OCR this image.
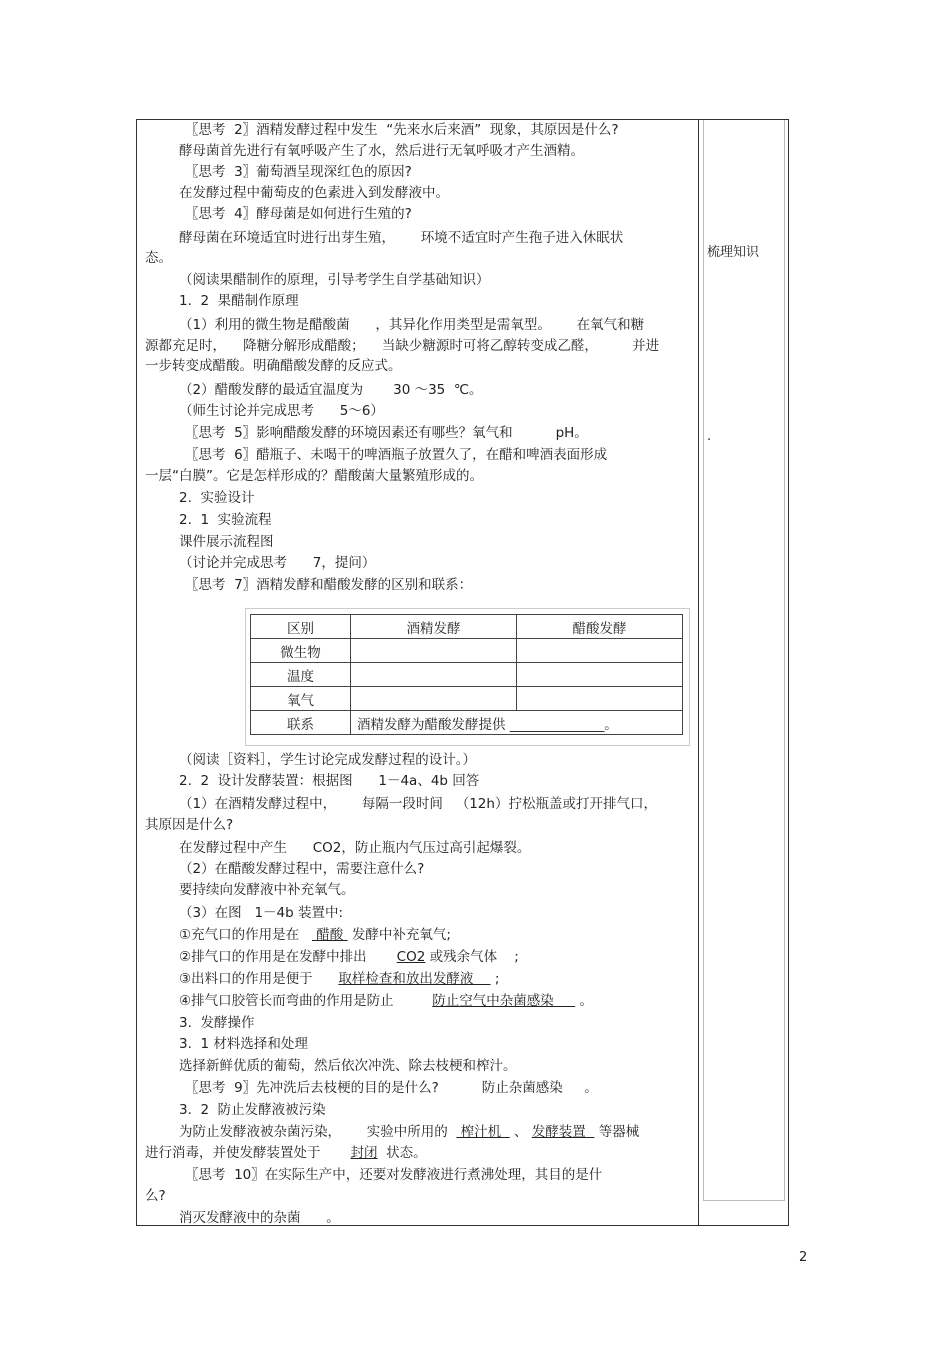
梳理知识
.
〖思考  2〗酒精发酵过程中发生  “先来水后来酒”  现象，其原因是什么?
酵母菌首先进行有氧呼吸产生了水，然后进行无氧呼吸才产生酒精。
〖思考  3〗葡萄酒呈现深红色的原因?
在发酵过程中葡萄皮的色素进入到发酵液中。
〖思考  4〗酵母菌是如何进行生殖的?
酵母菌在环境适宜时进行出芽生殖，      环境不适宜时产生孢子进入休眠状
态。
（阅读果醋制作的原理，引导考学生自学基础知识）
1.  2  果醋制作原理
（1）利用的微生物是醋酸菌      ，其异化作用类型是需氧型。      在氧气和糖
源都充足时，    降糖分解形成醋酸；    当缺少糖源时可将乙醇转变成乙醛，        并进
一步转变成醋酸。明确醋酸发酵的反应式。
（2）醋酸发酵的最适宜温度为       30 ～35  ℃。
（师生讨论并完成思考      5～6）
〖思考  5〗影响醋酸发酵的环境因素还有哪些？氧气和          pH。
〖思考  6〗醋瓶子、未喝干的啤酒瓶子放置久了，在醋和啤酒表面形成
一层“白膜”。它是怎样形成的？醋酸菌大量繁殖形成的。
2.  实验设计
2.  1  实验流程
课件展示流程图
（讨论并完成思考      7，提问）
〖思考  7〗酒精发酵和醋酸发酵的区别和联系：
区别	酒精发酵	醋酸发酵
微生物		
温度		
氧气		
联系	酒精发酵为醋酸发酵提供 ______________。	
（阅读［资料］，学生讨论完成发酵过程的设计。）
2.  2  设计发酵装置：根据图      1－4a、4b 回答
（1）在酒精发酵过程中，      每隔一段时间   （12h）拧松瓶盖或打开排气口，
其原因是什么?
在发酵过程中产生      CO2，防止瓶内气压过高引起爆裂。
（2）在醋酸发酵过程中，需要注意什么?
要持续向发酵液中补充氧气。
（3）在图   1－4b 装置中:
①充气口的作用是在    醋酸  发酵中补充氧气;
②排气口的作用是在发酵中排出       CO2 或残余气体    ;
③出料口的作用是便于      取样检查和放出发酵液     ;
④排气口胶管长而弯曲的作用是防止         防止空气中杂菌感染      。
3.  发酵操作
3.  1 材料选择和处理
选择新鲜优质的葡萄，然后依次冲洗、除去枝梗和榨汁。
〖思考  9〗先冲洗后去枝梗的目的是什么?          防止杂菌感染     。
3.  2  防止发酵液被污染
为防止发酵液被杂菌污染，      实验中所用的   榨汁机   、 发酵装置   等器械
进行消毒，并使发酵装置处于       封闭  状态。
〖思考  10〗在实际生产中，还要对发酵液进行煮沸处理，其目的是什
么?
消灭发酵液中的杂菌      。
2
